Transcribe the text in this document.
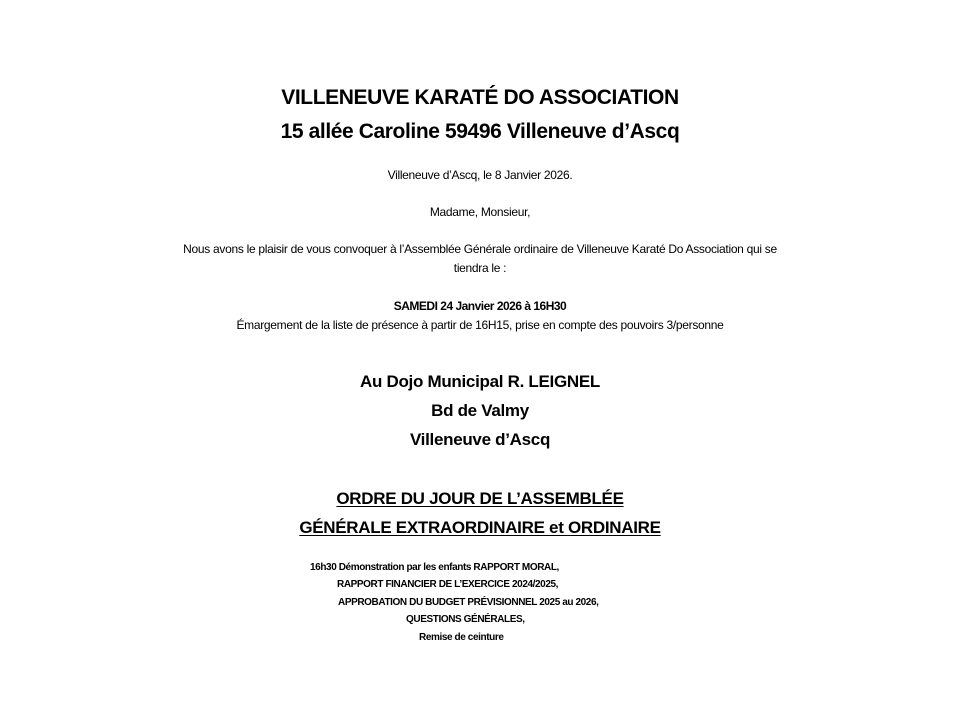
VILLENEUVE KARATÉ DO ASSOCIATION
15 allée Caroline 59496 Villeneuve d’Ascq
Villeneuve d’Ascq, le 8 Janvier 2026.
Madame, Monsieur,
Nous avons le plaisir de vous convoquer à l’Assemblée Générale ordinaire de Villeneuve Karaté Do Association qui se
tiendra le :
SAMEDI 24 Janvier 2026 à 16H30
Émargement de la liste de présence à partir de 16H15, prise en compte des pouvoirs 3/personne
Au Dojo Municipal R. LEIGNEL
Bd de Valmy
Villeneuve d’Ascq
ORDRE DU JOUR DE L’ASSEMBLÉE
GÉNÉRALE EXTRAORDINAIRE et ORDINAIRE
16h30 Démonstration par les enfants RAPPORT MORAL,
RAPPORT FINANCIER DE L’EXERCICE 2024/2025,
APPROBATION DU BUDGET PRÉVISIONNEL 2025 au 2026,
QUESTIONS GÉNÉRALES,
Remise de ceinture
